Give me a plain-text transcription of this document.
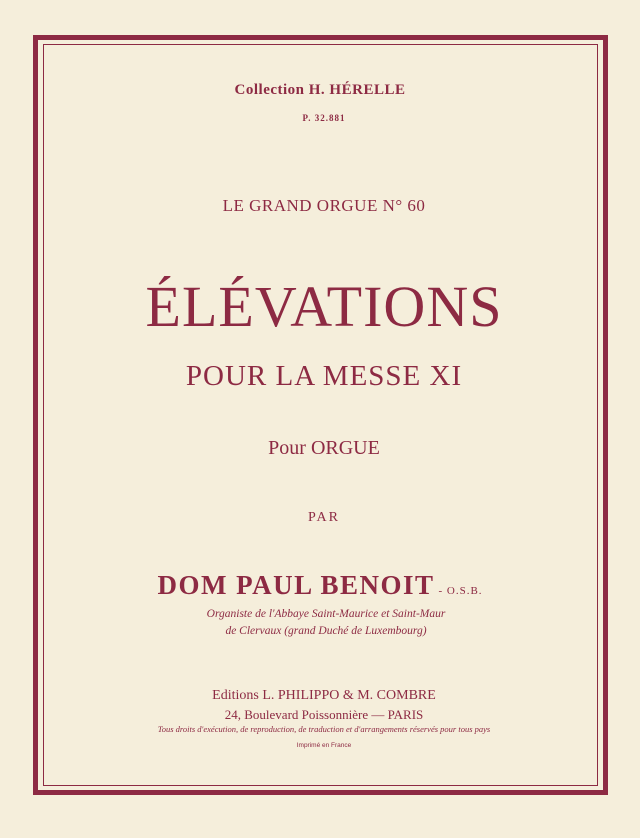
Collection H. HÉRELLE
P. 32.881
LE GRAND ORGUE N° 60
ÉLÉVATIONS
POUR LA MESSE XI
Pour ORGUE
PAR
DOM PAUL BENOIT - O.S.B.
Organiste de l'Abbaye Saint-Maurice et Saint-Maur
de Clervaux (grand Duché de Luxembourg)
Editions L. PHILIPPO & M. COMBRE
24, Boulevard Poissonnière — PARIS
Tous droits d'exécution, de reproduction, de traduction et d'arrangements réservés pour tous pays
Imprimé en France
